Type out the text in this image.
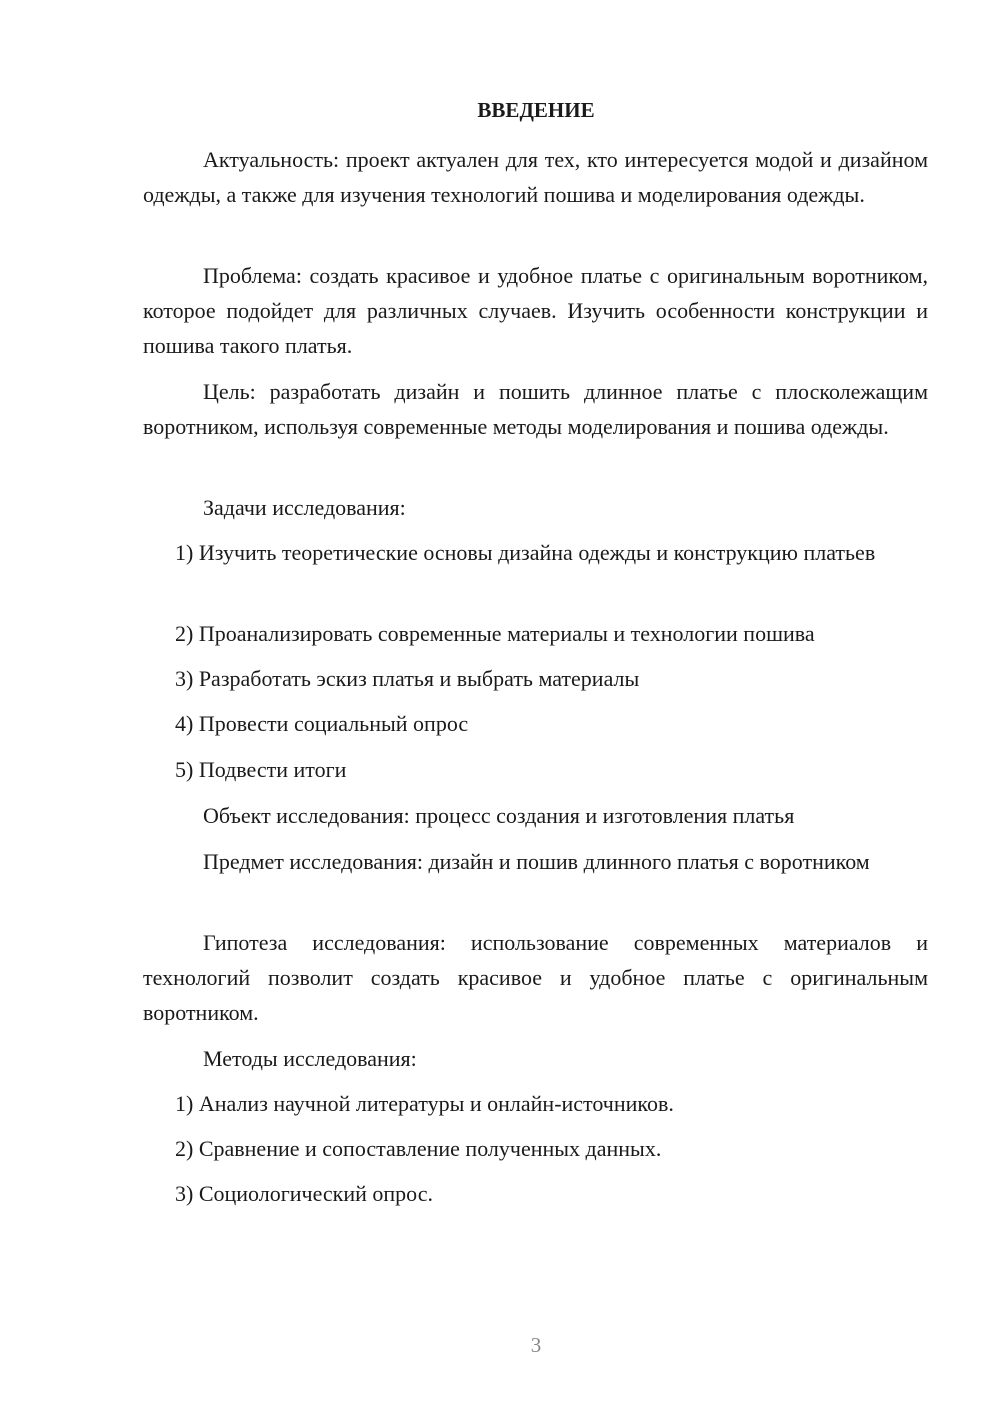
ВВЕДЕНИЕ

Актуальность: проект актуален для тех, кто интересуется модой и дизайном одежды, а также для изучения технологий пошива и моделирования одежды.

Проблема: создать красивое и удобное платье с оригинальным воротником, которое подойдет для различных случаев. Изучить особенности конструкции и пошива такого платья.

Цель: разработать дизайн и пошить длинное платье с плосколежащим воротником, используя современные методы моделирования и пошива одежды.

Задачи исследования:

1) Изучить теоретические основы дизайна одежды и конструкцию платьев

2) Проанализировать современные материалы и технологии пошива

3) Разработать эскиз платья и выбрать материалы

4) Провести социальный опрос

5) Подвести итоги

Объект исследования: процесс создания и изготовления платья

Предмет исследования: дизайн и пошив длинного платья с воротником

Гипотеза исследования: использование современных материалов и технологий позволит создать красивое и удобное платье с оригинальным воротником.

Методы исследования:

1) Анализ научной литературы и онлайн-источников.

2) Сравнение и сопоставление полученных данных.

3) Социологический опрос.

3
